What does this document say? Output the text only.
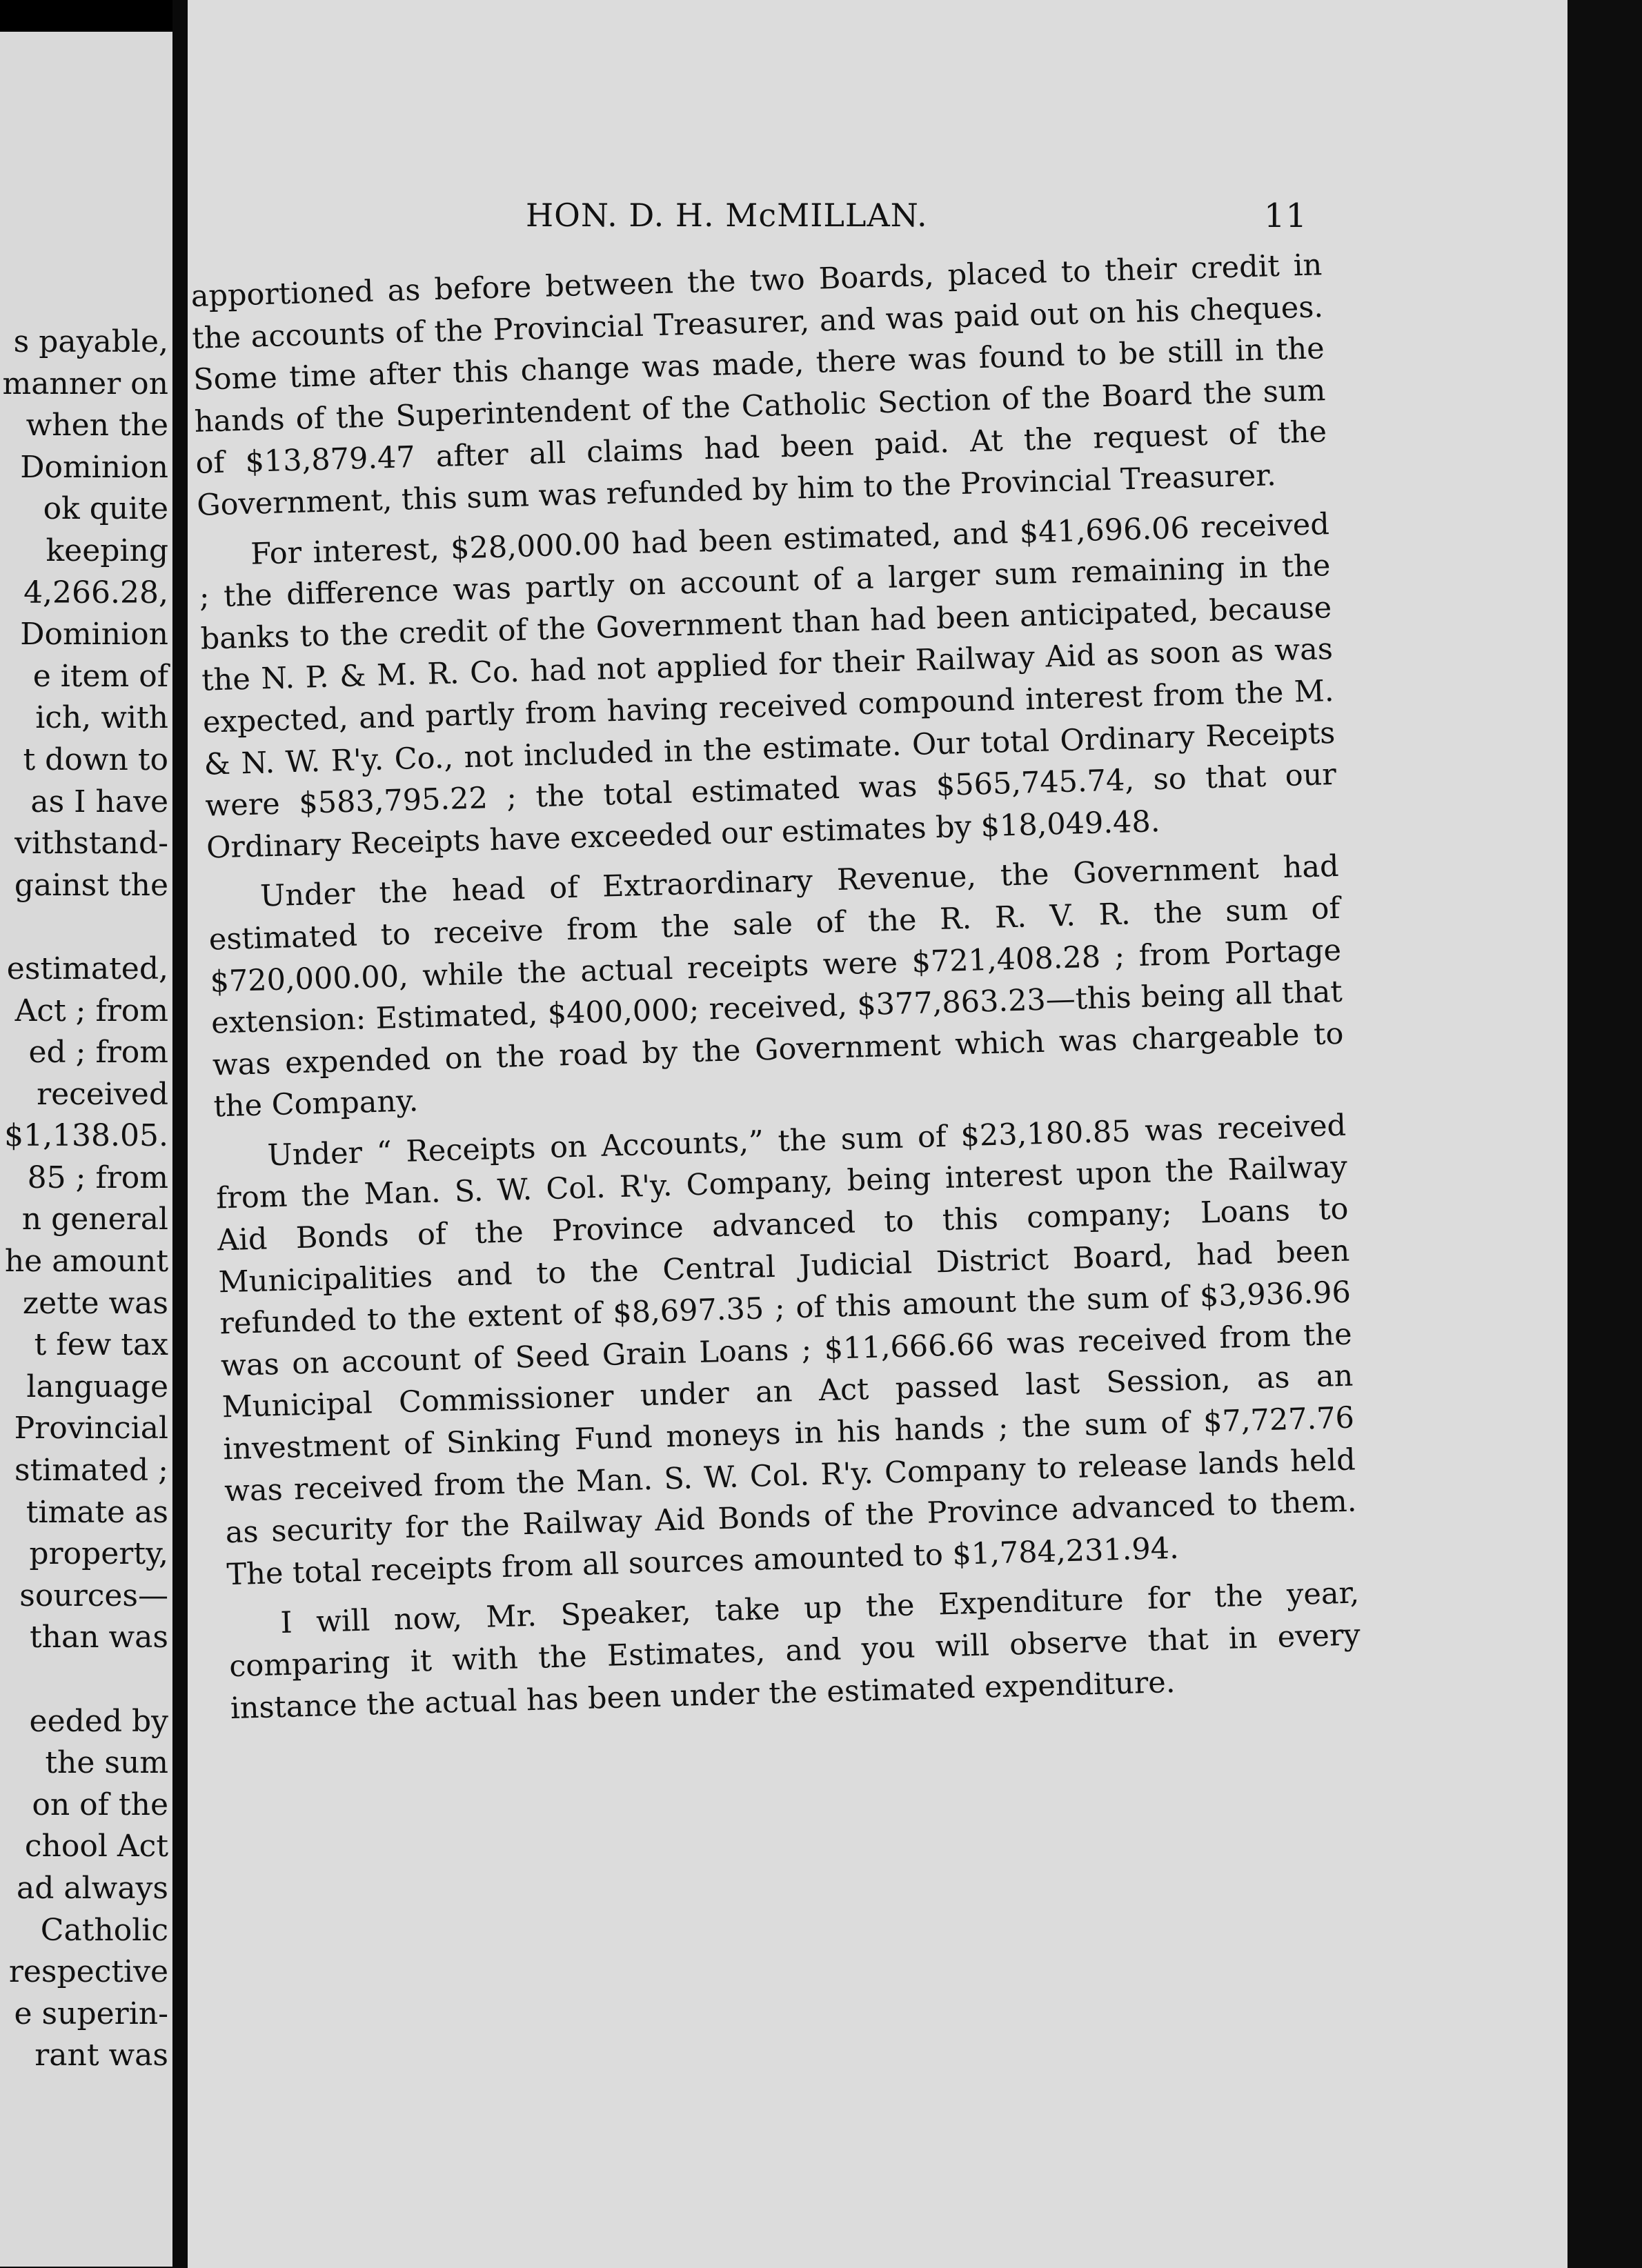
s payable,
manner on
when the
Dominion
ok quite
keeping
4,266.28,
Dominion
e item of
ich, with
t down to
as I have
vithstand-
gainst the
estimated,
Act ; from
ed ; from
received
$1,138.05.
85 ; from
n general
he amount
zette was
t few tax
language
Provincial
stimated ;
timate as
property,
sources—
than was
eeded by
the sum
on of the
chool Act
ad always
Catholic
respective
e superin-
rant was
HON. D. H. McMILLAN.	11

apportioned as before between the two Boards, placed to their credit in the accounts of the Provincial Treasurer, and was paid out on his cheques. Some time after this change was made, there was found to be still in the hands of the Superintendent of the Catholic Section of the Board the sum of $13,879.47 after all claims had been paid. At the request of the Government, this sum was refunded by him to the Provincial Treasurer.

For interest, $28,000.00 had been estimated, and $41,696.06 received ; the difference was partly on account of a larger sum remaining in the banks to the credit of the Government than had been anticipated, because the N. P. & M. R. Co. had not applied for their Railway Aid as soon as was expected, and partly from having received compound interest from the M. & N. W. R'y. Co., not included in the estimate. Our total Ordinary Receipts were $583,795.22 ; the total estimated was $565,745.74, so that our Ordinary Receipts have exceeded our estimates by $18,049.48.

Under the head of Extraordinary Revenue, the Government had estimated to receive from the sale of the R. R. V. R. the sum of $720,000.00, while the actual receipts were $721,408.28 ; from Portage extension: Estimated, $400,000; received, $377,863.23—this being all that was expended on the road by the Government which was chargeable to the Company.

Under “ Receipts on Accounts,” the sum of $23,180.85 was received from the Man. S. W. Col. R'y. Company, being interest upon the Railway Aid Bonds of the Province advanced to this company; Loans to Municipalities and to the Central Judicial District Board, had been refunded to the extent of $8,697.35 ; of this amount the sum of $3,936.96 was on account of Seed Grain Loans ; $11,666.66 was received from the Municipal Commissioner under an Act passed last Session, as an investment of Sinking Fund moneys in his hands ; the sum of $7,727.76 was received from the Man. S. W. Col. R'y. Company to release lands held as security for the Railway Aid Bonds of the Province advanced to them. The total receipts from all sources amounted to $1,784,231.94.

I will now, Mr. Speaker, take up the Expenditure for the year, comparing it with the Estimates, and you will observe that in every instance the actual has been under the estimated expenditure.
